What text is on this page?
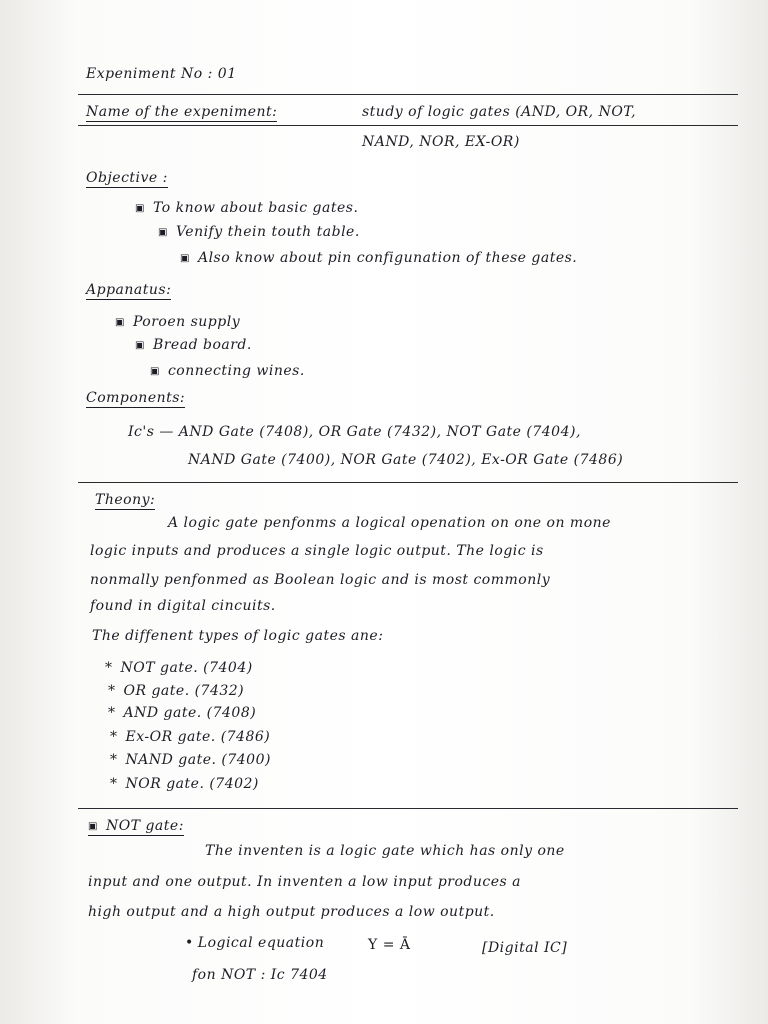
Expeniment No : 01
Name of the expeniment:	study of logic gates (AND, OR, NOT,
NAND, NOR, EX-OR)
Objective :
▣ To know about basic gates.
▣ Venify thein touth table.
▣ Also know about pin configunation of these gates.
Appanatus:
▣ Poroen supply
▣ Bread board.
▣ connecting wines.
Components:
Ic's — AND Gate (7408), OR Gate (7432), NOT Gate (7404),
NAND Gate (7400), NOR Gate (7402), Ex-OR Gate (7486)
Theony:
A logic gate penfonms a logical openation on one on mone
logic inputs and produces a single logic output. The logic is
nonmally penfonmed as Boolean logic and is most commonly
found in digital cincuits.
The diffenent types of logic gates ane:
* NOT gate. (7404)
* OR gate. (7432)
* AND gate. (7408)
* Ex-OR gate. (7486)
* NAND gate. (7400)
* NOR gate. (7402)
▣ NOT gate:
The inventen is a logic gate which has only one
input and one output. In inventen a low input produces a
high output and a high output produces a low output.
• Logical equation	Y = Ā	[Digital IC]
fon NOT : Ic 7404
